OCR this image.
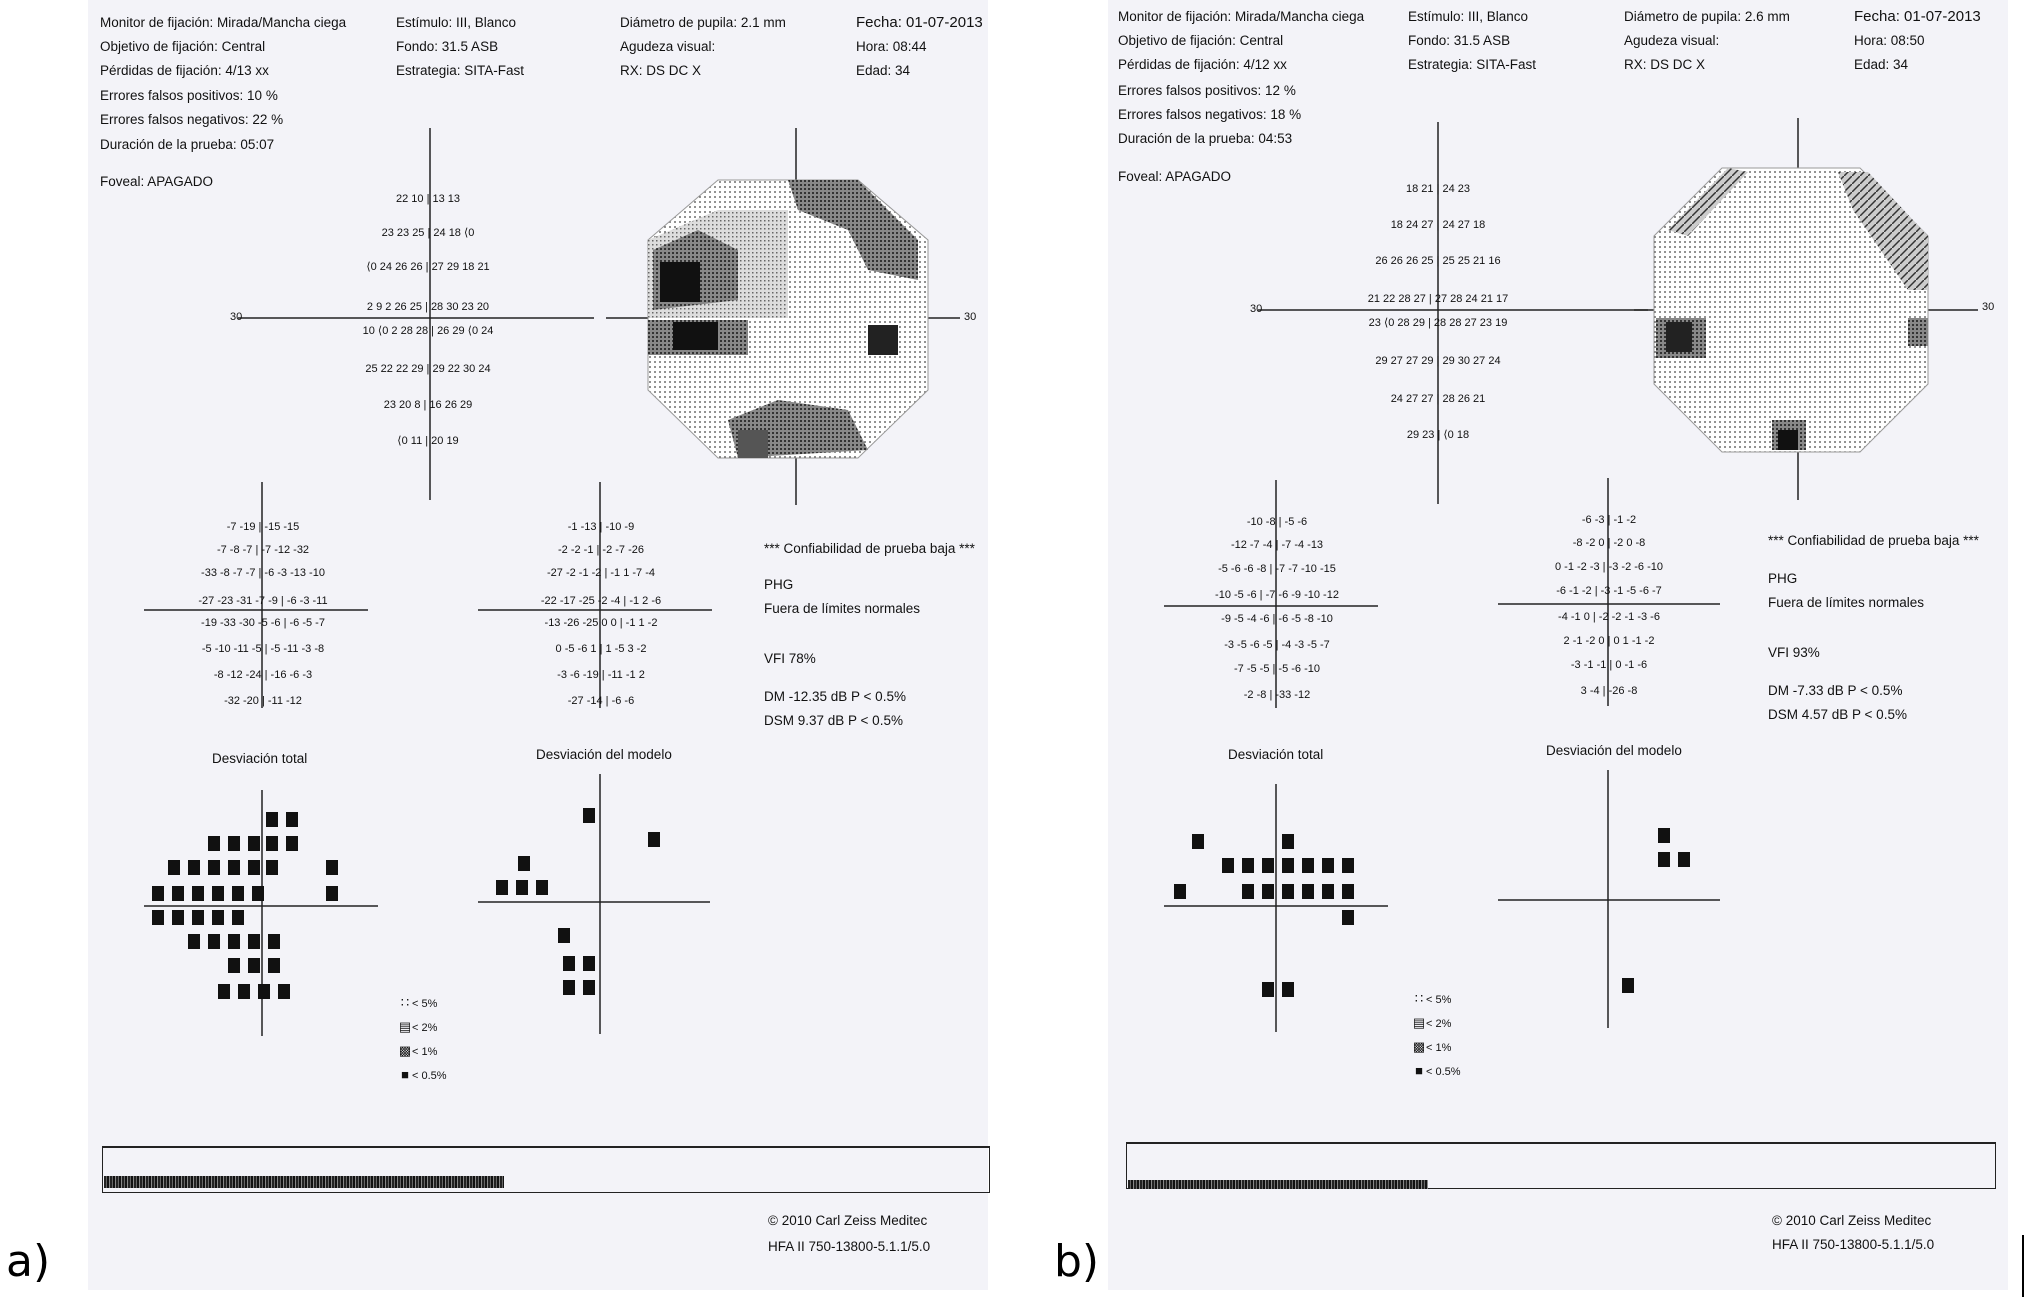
a)	b)
Monitor de fijación: Mirada/Mancha ciega
Objetivo de fijación: Central
Pérdidas de fijación: 4/13 xx
Errores falsos positivos: 10 %
Errores falsos negativos: 22 %
Duración de la prueba: 05:07
Foveal: APAGADO
Estímulo: III, Blanco
Fondo: 31.5 ASB
Estrategia: SITA-Fast
Diámetro de pupila: 2.1 mm
Agudeza visual:
RX: DS DC X
Fecha: 01-07-2013
Hora: 08:44
Edad: 34
22 10 | 13 13
23 23 25 | 24 18 ⟨0
⟨0 24 26 26 | 27 29 18 21
2 9 2 26 25 | 28 30 23 20
10 ⟨0 2 28 28 | 26 29 ⟨0 24
25 22 22 29 | 29 22 30 24
23 20 8 | 16 26 29
⟨0 11 | 20 19
30	30
-7 -19 | -15 -15
-7 -8 -7 | -7 -12 -32
-33 -8 -7 -7 | -6 -3 -13 -10
-27 -23 -31 -7 -9 | -6 -3 -11
-19 -33 -30 -5 -6 | -6 -5 -7
-5 -10 -11 -5 | -5 -11 -3 -8
-8 -12 -24 | -16 -6 -3
-32 -20 | -11 -12
-1 -13 | -10 -9
-2 -2 -1 | -2 -7 -26
-27 -2 -1 -2 | -1 1 -7 -4
-22 -17 -25 -2 -4 | -1 2 -6
-13 -26 -25 0 0 | -1 1 -2
0 -5 -6 1 | 1 -5 3 -2
-3 -6 -19 | -11 -1 2
-27 -14 | -6 -6
*** Confiabilidad de prueba baja ***
PHG
Fuera de límites normales
VFI 78%
DM -12.35 dB P < 0.5%
DSM 9.37 dB P < 0.5%
Desviación total	Desviación del modelo
∷ < 5%
▤< 2%
▩< 1%
■ < 0.5%
© 2010 Carl Zeiss Meditec
HFA II 750-13800-5.1.1/5.0
Monitor de fijación: Mirada/Mancha ciega
Objetivo de fijación: Central
Pérdidas de fijación: 4/12 xx
Errores falsos positivos: 12 %
Errores falsos negativos: 18 %
Duración de la prueba: 04:53
Foveal: APAGADO
Estímulo: III, Blanco
Fondo: 31.5 ASB
Estrategia: SITA-Fast
Diámetro de pupila: 2.6 mm
Agudeza visual:
RX: DS DC X
Fecha: 01-07-2013
Hora: 08:50
Edad: 34
18 21 | 24 23
18 24 27 | 24 27 18
26 26 26 25 | 25 25 21 16
21 22 28 27 | 27 28 24 21 17
23 ⟨0 28 29 | 28 28 27 23 19
29 27 27 29 | 29 30 27 24
24 27 27 | 28 26 21
29 23 | ⟨0 18
30	30
-10 -8 | -5 -6
-12 -7 -4 | -7 -4 -13
-5 -6 -6 -8 | -7 -7 -10 -15
-10 -5 -6 | -7 -6 -9 -10 -12
-9 -5 -4 -6 | -6 -5 -8 -10
-3 -5 -6 -5 | -4 -3 -5 -7
-7 -5 -5 | -5 -6 -10
-2 -8 | -33 -12
-6 -3 | -1 -2
-8 -2 0 | -2 0 -8
0 -1 -2 -3 | -3 -2 -6 -10
-6 -1 -2 | -3 -1 -5 -6 -7
-4 -1 0 | -2 -2 -1 -3 -6
2 -1 -2 0 | 0 1 -1 -2
-3 -1 -1 | 0 -1 -6
3 -4 | -26 -8
*** Confiabilidad de prueba baja ***
PHG
Fuera de límites normales
VFI 93%
DM -7.33 dB P < 0.5%
DSM 4.57 dB P < 0.5%
Desviación total	Desviación del modelo
∷ < 5%
▤< 2%
▩< 1%
■ < 0.5%
© 2010 Carl Zeiss Meditec
HFA II 750-13800-5.1.1/5.0
